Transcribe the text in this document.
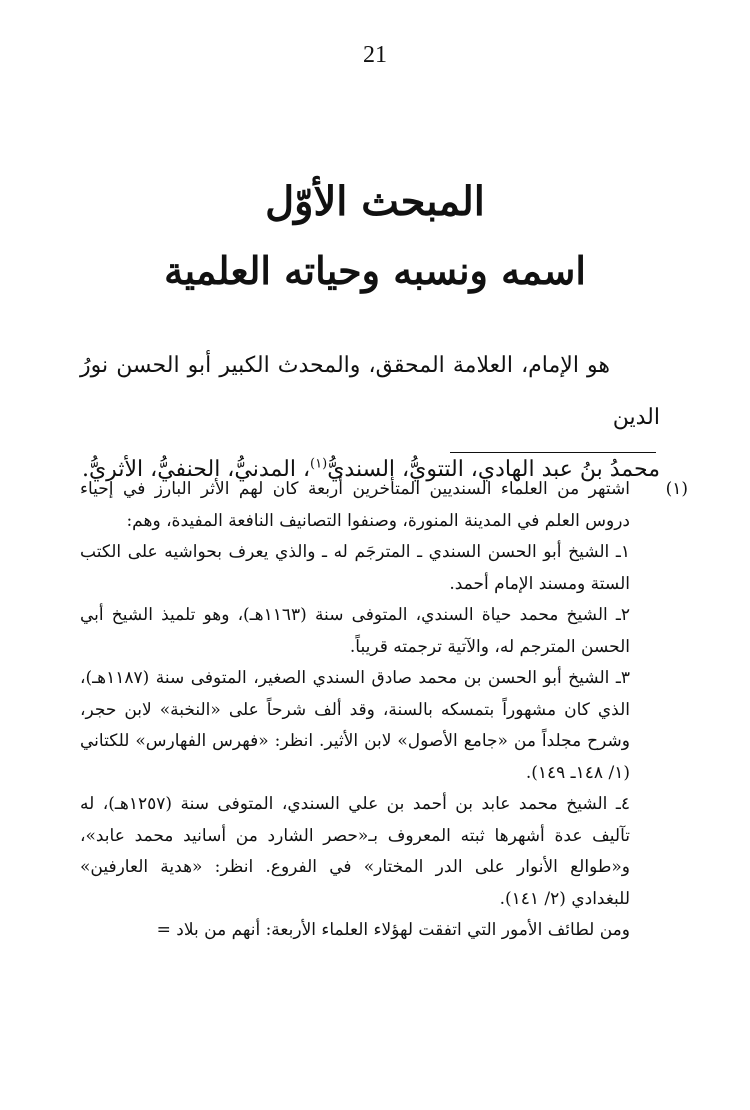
21
المبحث الأوّل
اسمه ونسبه وحياته العلمية

هو الإمام، العلامة المحقق، والمحدث الكبير أبو الحسن نورُ الدين

محمدُ بنُ عبد الهادي، التتويُّ، السنديُّ$^{(١)}$، المدنيُّ، الحنفيُّ، الأثريُّ.

(١)

اشتهر من العلماء السنديين المتأخرين أربعة كان لهم الأثر البارز في إحياء دروس العلم في المدينة المنورة، وصنفوا التصانيف النافعة المفيدة، وهم:

١ـ الشيخ أبو الحسن السندي ـ المترجَم له ـ والذي يعرف بحواشيه على الكتب الستة ومسند الإمام أحمد.

٢ـ الشيخ محمد حياة السندي، المتوفى سنة (١١٦٣هـ)، وهو تلميذ الشيخ أبي الحسن المترجم له، والآتية ترجمته قريباً.

٣ـ الشيخ أبو الحسن بن محمد صادق السندي الصغير، المتوفى سنة (١١٨٧هـ)، الذي كان مشهوراً بتمسكه بالسنة، وقد ألف شرحاً على «النخبة» لابن حجر، وشرح مجلداً من «جامع الأصول» لابن الأثير. انظر: «فهرس الفهارس» للكتاني (١/ ١٤٨ـ ١٤٩).

٤ـ الشيخ محمد عابد بن أحمد بن علي السندي، المتوفى سنة (١٢٥٧هـ)، له تآليف عدة أشهرها ثبته المعروف بـ«حصر الشارد من أسانيد محمد عابد»، و«طوالع الأنوار على الدر المختار» في الفروع. انظر: «هدية العارفين» للبغدادي (٢/ ١٤١).

ومن لطائف الأمور التي اتفقت لهؤلاء العلماء الأربعة: أنهم من بلاد =
